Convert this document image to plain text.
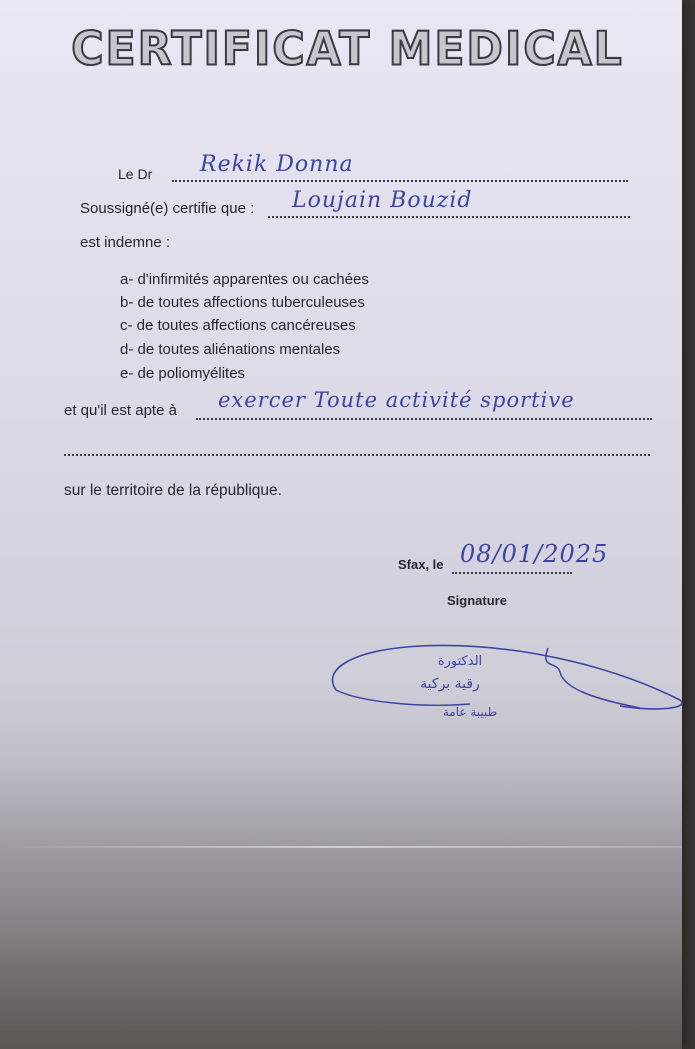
CERTIFICAT MEDICAL
Le Dr Rekik Donna
Soussigné(e) certifie que : Loujain Bouzid
est indemne :
a- d'infirmités apparentes ou cachées
b- de toutes affections tuberculeuses
c- de toutes affections cancéreuses
d- de toutes aliénations mentales
e- de poliomyélites
et qu'il est apte à exercer Toute activité sportive
sur le territoire de la république.
Sfax, le 08/01/2025
Signature
الدكتورة
رقية بركية
طبيبة عامة
